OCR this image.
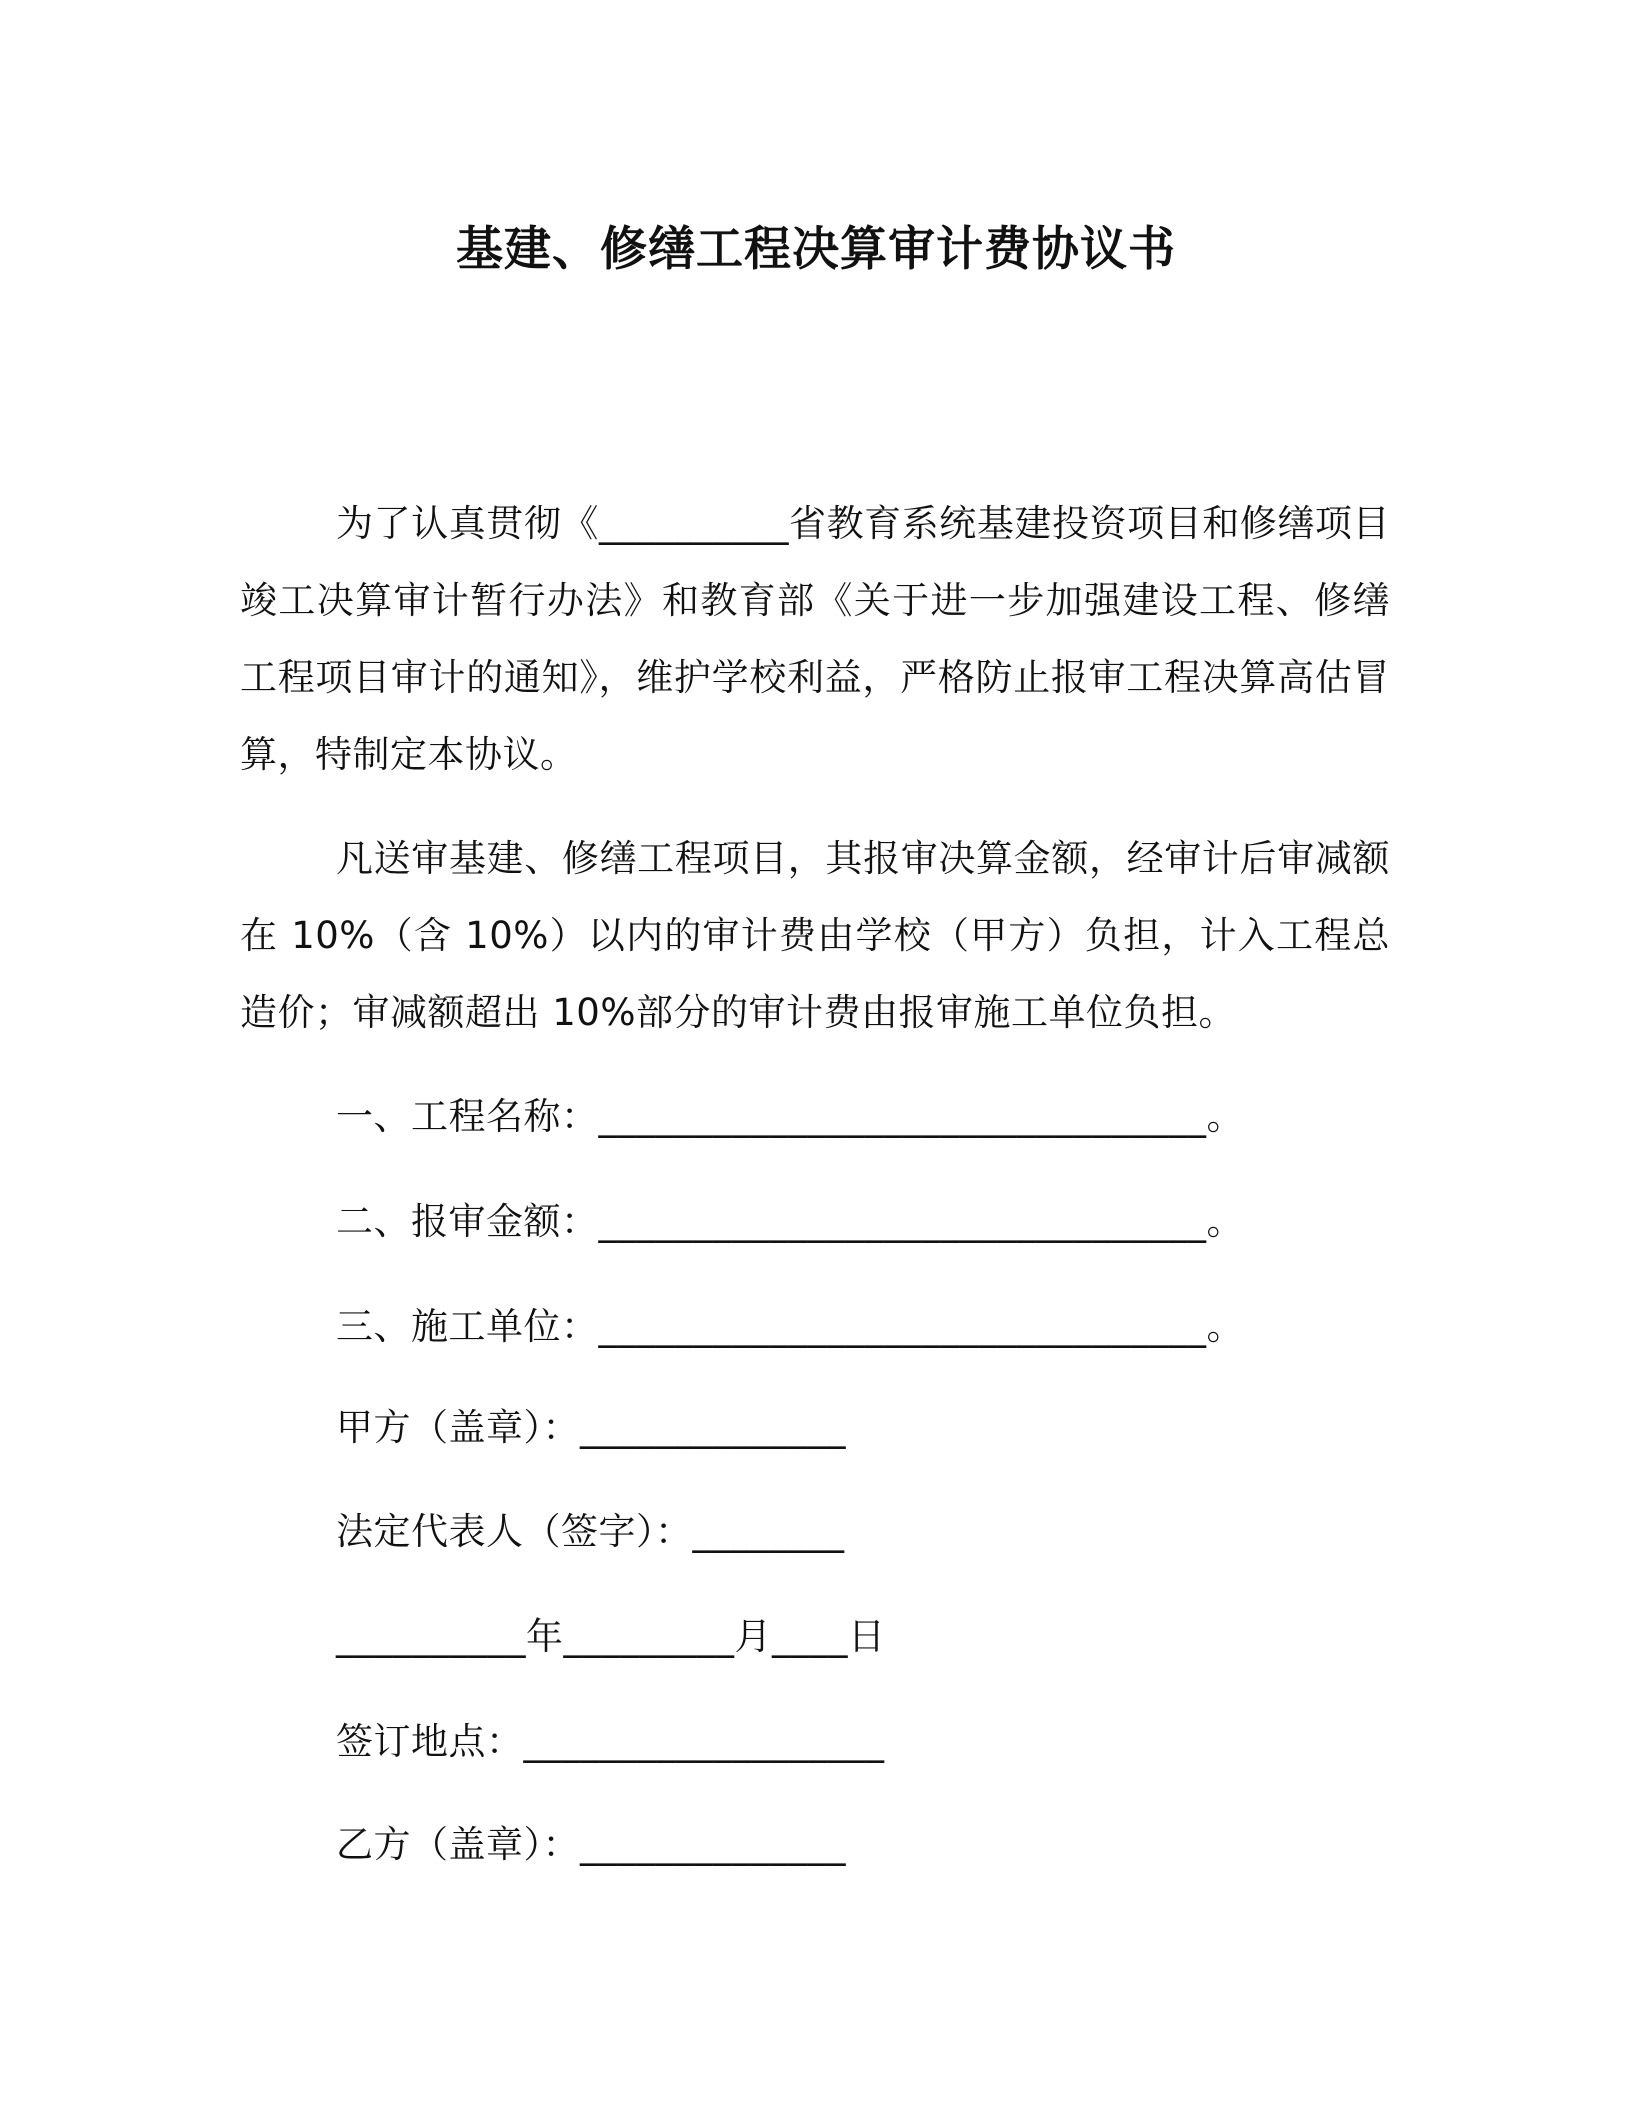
基建、修缮工程决算审计费协议书

为了认真贯彻《__________省教育系统基建投资项目和修缮项目竣工决算审计暂行办法》和教育部《关于进一步加强建设工程、修缮工程项目审计的通知》，维护学校利益，严格防止报审工程决算高估冒算，特制定本协议。

凡送审基建、修缮工程项目，其报审决算金额，经审计后审减额在 10%（含 10%）以内的审计费由学校（甲方）负担，计入工程总造价；审减额超出 10%部分的审计费由报审施工单位负担。

一、工程名称：________________________________。
二、报审金额：________________________________。
三、施工单位：________________________________。
甲方（盖章）：______________
法定代表人（签字）：________
__________年_________月____日
签订地点：___________________
乙方（盖章）：______________
